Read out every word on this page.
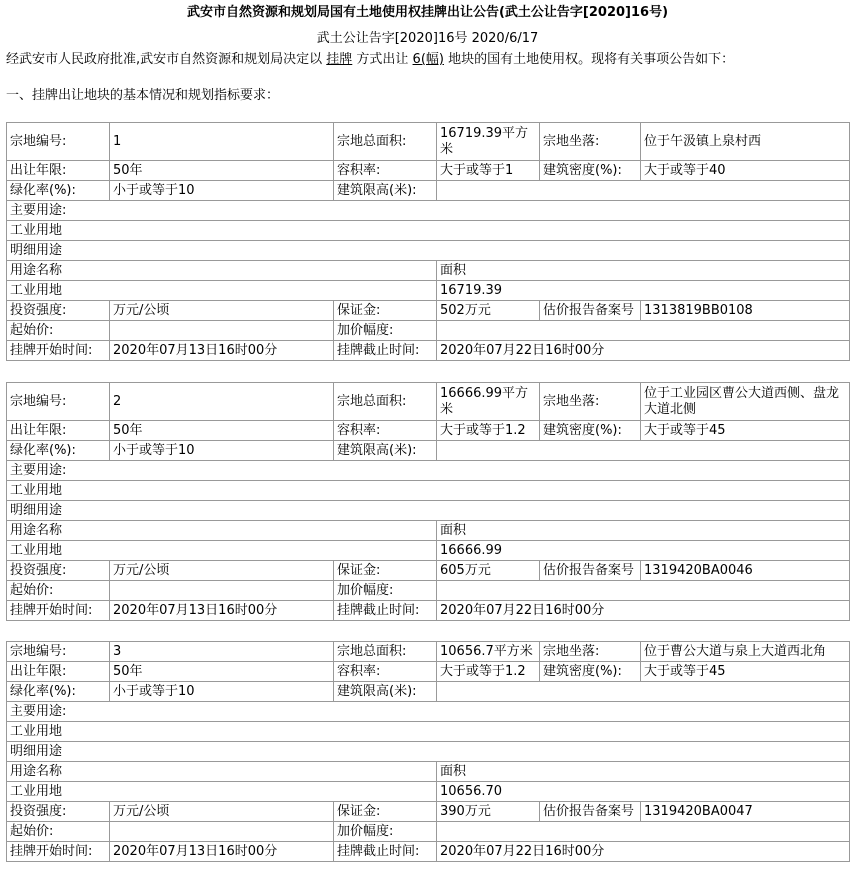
武安市自然资源和规划局国有土地使用权挂牌出让公告(武土公让告字[2020]16号)
武土公让告字[2020]16号 2020/6/17
经武安市人民政府批准,武安市自然资源和规划局决定以 挂牌 方式出让 6(幅) 地块的国有土地使用权。现将有关事项公告如下：
一、挂牌出让地块的基本情况和规划指标要求：
宗地编号:	1	宗地总面积:	16719.39平方米	宗地坐落:	位于午汲镇上泉村西
出让年限:	50年	容积率:	大于或等于1	建筑密度(%):	大于或等于40
绿化率(%):	小于或等于10	建筑限高(米):			
主要用途:					
工业用地					
明细用途					
用途名称			面积		
工业用地			16719.39		
投资强度:	万元/公顷	保证金:	502万元	估价报告备案号	1313819BB0108
起始价:		加价幅度:			
挂牌开始时间:	2020年07月13日16时00分	挂牌截止时间:	2020年07月22日16时00分		
宗地编号:	2	宗地总面积:	16666.99平方米	宗地坐落:	位于工业园区曹公大道西侧、盘龙大道北侧
出让年限:	50年	容积率:	大于或等于1.2	建筑密度(%):	大于或等于45
绿化率(%):	小于或等于10	建筑限高(米):			
主要用途:					
工业用地					
明细用途					
用途名称			面积		
工业用地			16666.99		
投资强度:	万元/公顷	保证金:	605万元	估价报告备案号	1319420BA0046
起始价:		加价幅度:			
挂牌开始时间:	2020年07月13日16时00分	挂牌截止时间:	2020年07月22日16时00分		
宗地编号:	3	宗地总面积:	10656.7平方米	宗地坐落:	位于曹公大道与泉上大道西北角
出让年限:	50年	容积率:	大于或等于1.2	建筑密度(%):	大于或等于45
绿化率(%):	小于或等于10	建筑限高(米):			
主要用途:					
工业用地					
明细用途					
用途名称			面积		
工业用地			10656.70		
投资强度:	万元/公顷	保证金:	390万元	估价报告备案号	1319420BA0047
起始价:		加价幅度:			
挂牌开始时间:	2020年07月13日16时00分	挂牌截止时间:	2020年07月22日16时00分		
